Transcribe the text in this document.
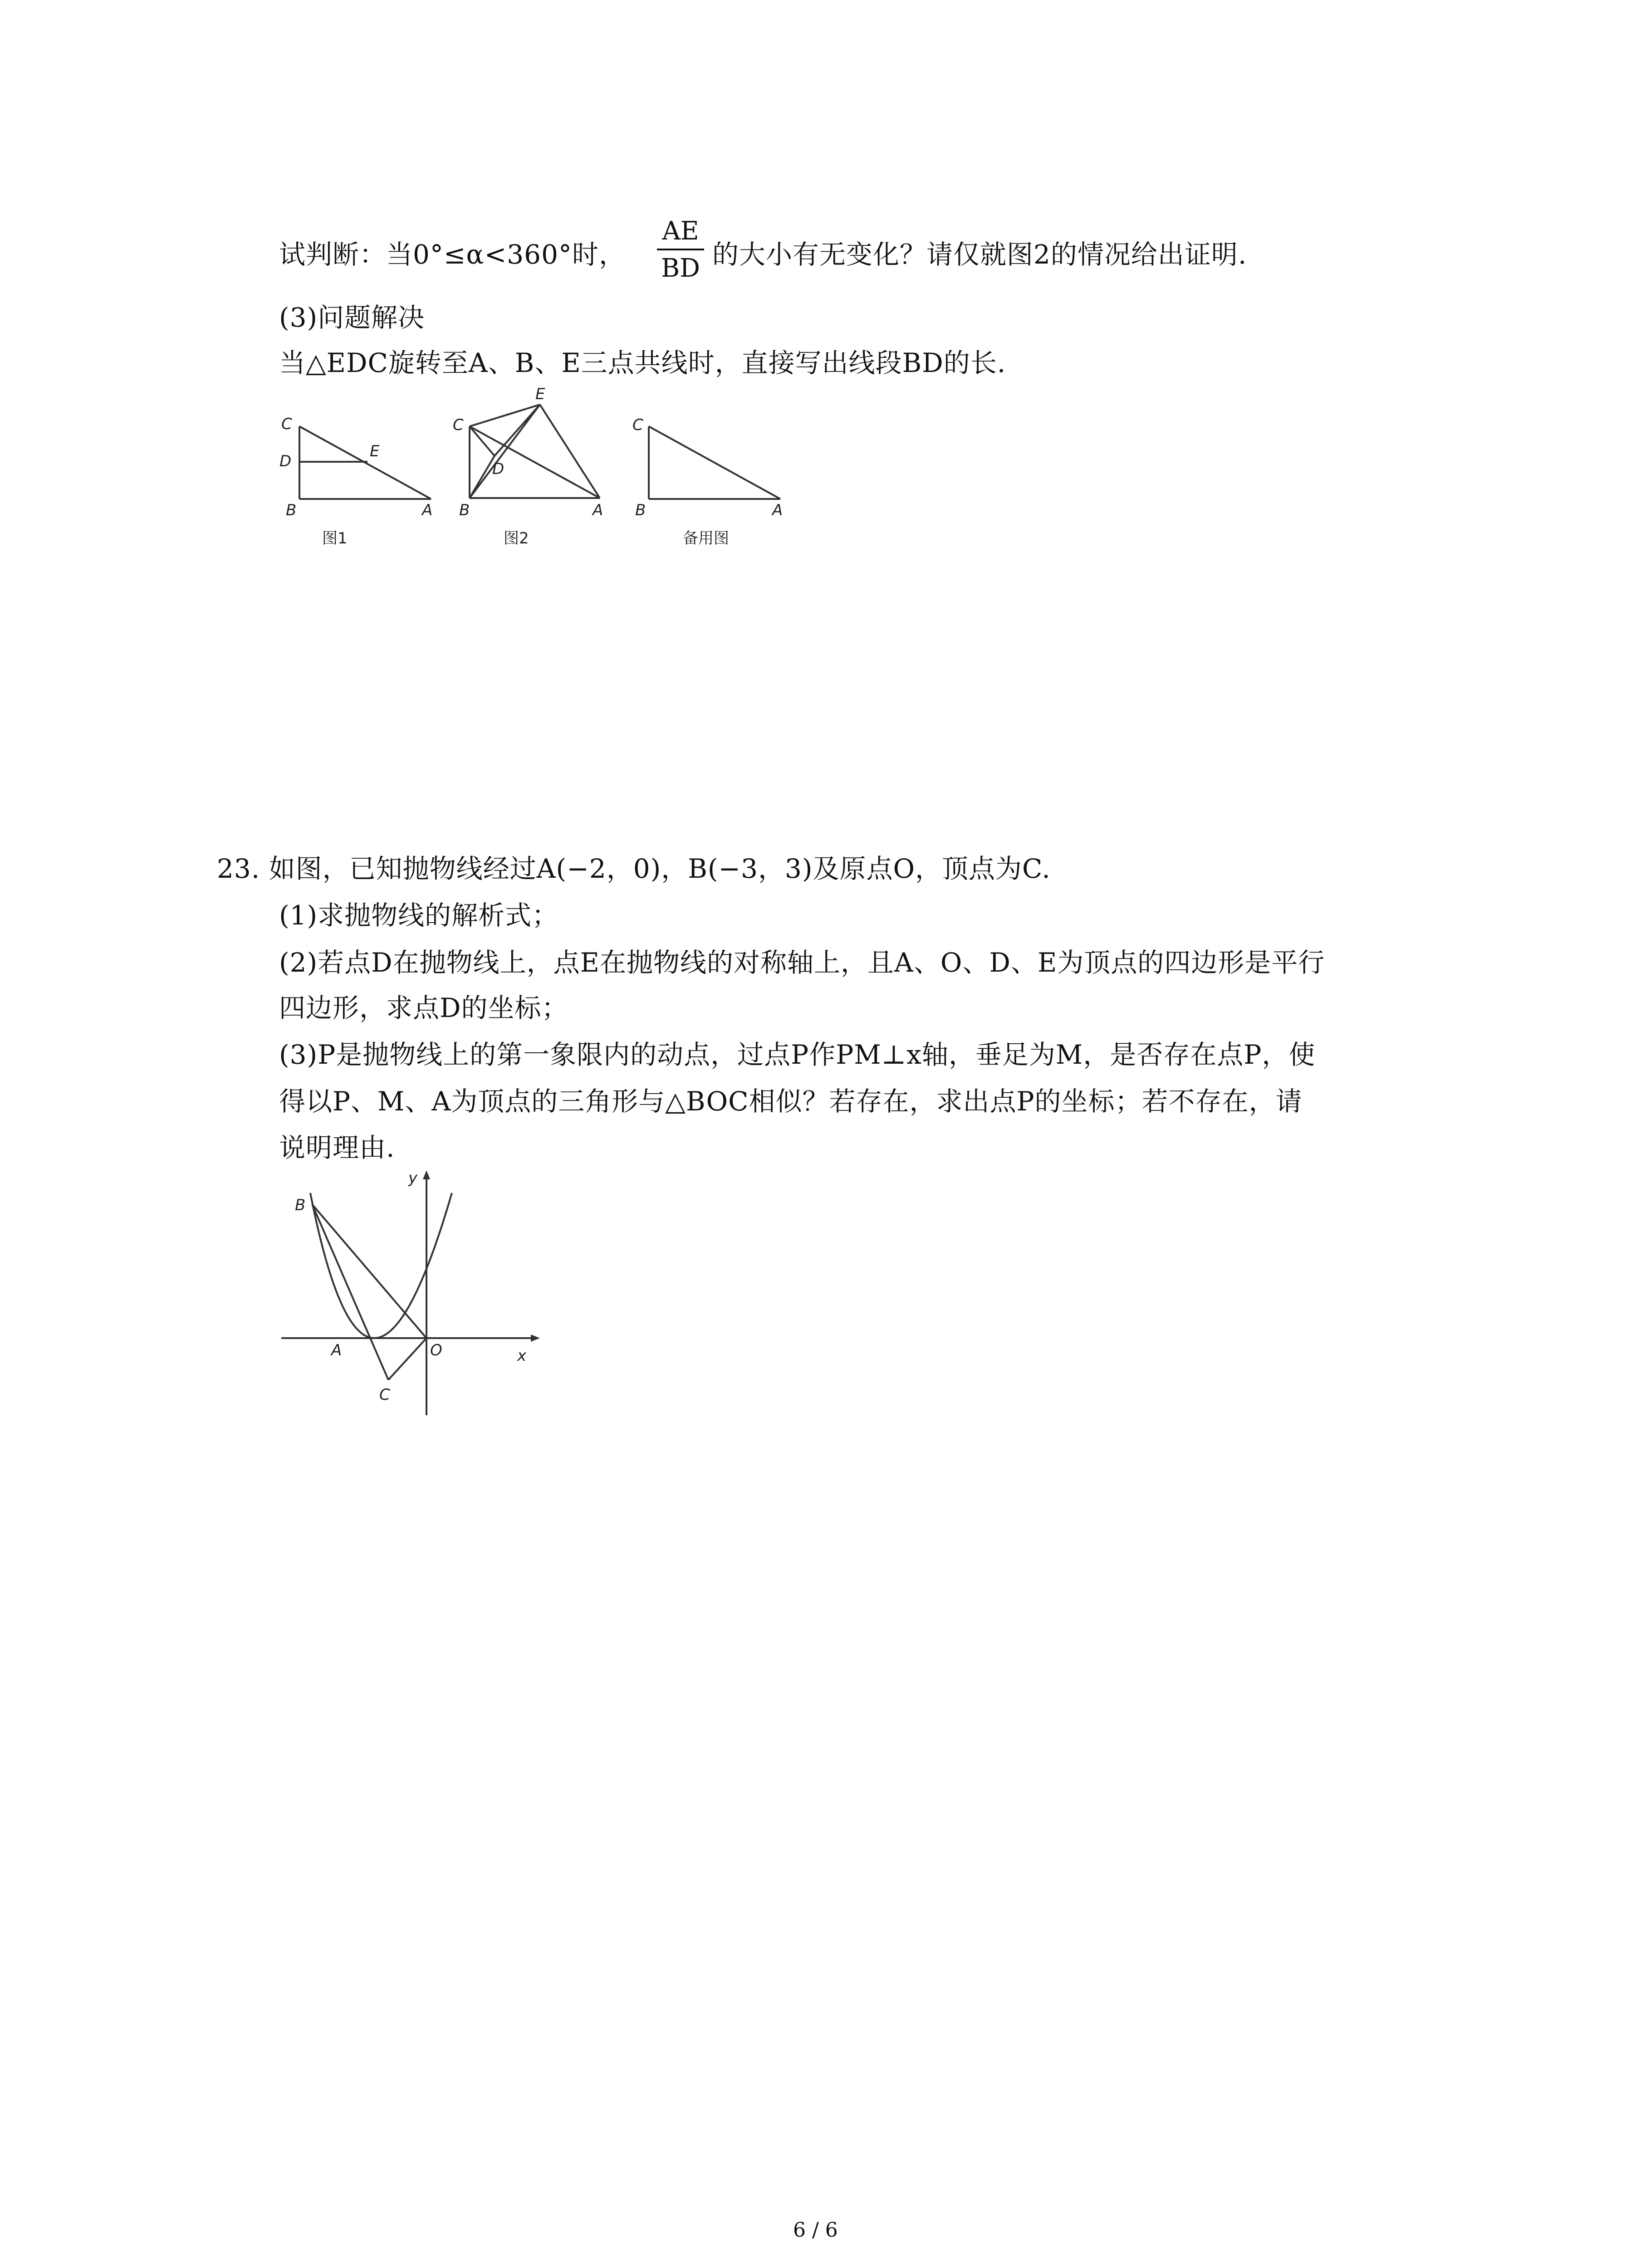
试判断：当0°≤α<360°时，
AE
BD 的大小有无变化？请仅就图2的情况给出证明.
(3)问题解决
当△EDC旋转至A、B、E三点共线时，直接写出线段BD的长.
C
D
E
B	A
图1
C
E
D
B	A
图2
C
B	A
备用图
23. 如图，已知抛物线经过A(−2，0)，B(−3，3)及原点O，顶点为C.
(1)求抛物线的解析式；
(2)若点D在抛物线上，点E在抛物线的对称轴上，且A、O、D、E为顶点的四边形是平行
四边形，求点D的坐标；
(3)P是抛物线上的第一象限内的动点，过点P作PM⊥x轴，垂足为M，是否存在点P，使
得以P、M、A为顶点的三角形与△BOC相似？若存在，求出点P的坐标；若不存在，请
说明理由.
y
x
B
A	O
C
6 / 6
